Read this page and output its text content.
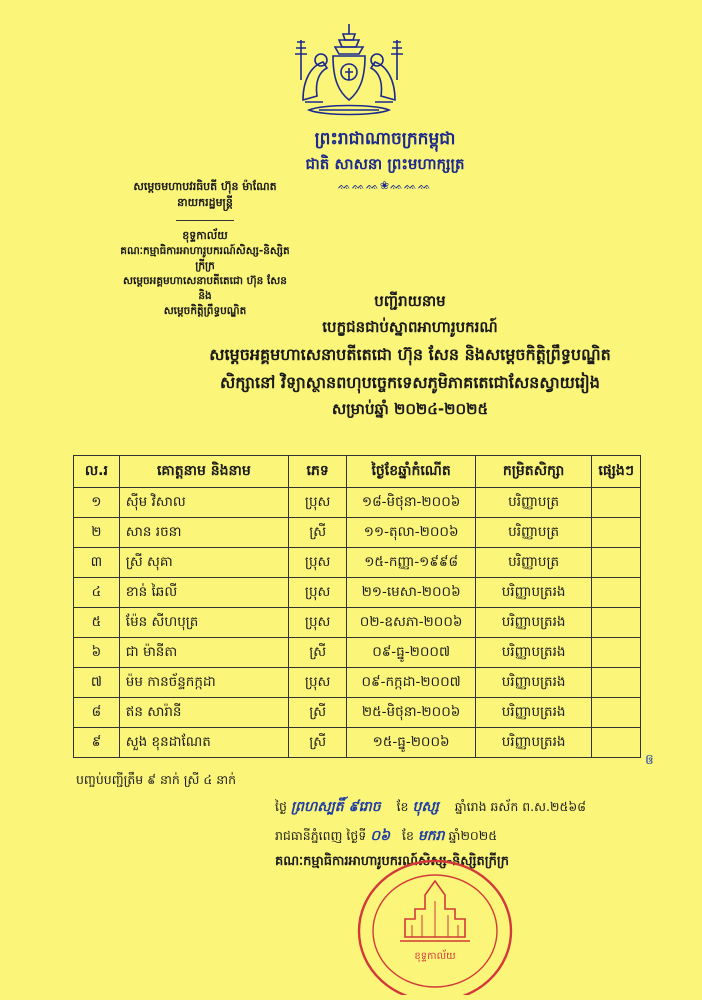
ព្រះរាជាណាចក្រកម្ពុជា
ជាតិ សាសនា ព្រះមហាក្សត្រ
ᨐᨐᨐ❀ᨐᨐᨐ
សម្តេចមហាបវរធិបតី ហ៊ុន ម៉ាណែត
នាយករដ្ឋមន្ត្រី
ខុទ្ទកាល័យ
គណៈកម្មាធិការអាហារូបករណ៍សិស្ស-និស្សិតក្រីក្រ
សម្តេចអគ្គមហាសេនាបតីតេជោ ហ៊ុន សែន និង
សម្តេចកិត្តិព្រឹទ្ធបណ្ឌិត
បញ្ជីរាយនាម
បេក្ខជនជាប់ស្នាពអាហារូបករណ៍
សម្តេចអគ្គមហាសេនាបតីតេជោ ហ៊ុន សែន និងសម្តេចកិត្តិព្រឹទ្ធបណ្ឌិត
សិក្សានៅ វិទ្យាស្ថានពហុបច្ចេកទេសភូមិភាគតេជោសែនស្វាយរៀង
សម្រាប់ឆ្នាំ ២០២៤-២០២៥
ល.រ	គោត្តនាម និងនាម	ភេទ	ថ្ងៃខែឆ្នាំកំណើត	កម្រិតសិក្សា	ផ្សេងៗ
១	ស៊ីម វិសាល	ប្រុស	១៨-មិថុនា-២០០៦	បរិញ្ញាបត្រ	
២	សាន រចនា	ស្រី	១១-តុលា-២០០៦	បរិញ្ញាបត្រ	
៣	ស្រី សុគា	ប្រុស	១៥-កញ្ញា-១៩៩៨	បរិញ្ញាបត្រ	
៤	ខាន់ ឆៃលី	ប្រុស	២១-មេសា-២០០៦	បរិញ្ញាបត្ររង	
៥	ម៉ែន សីហបុត្រ	ប្រុស	០២-ឧសភា-២០០៦	បរិញ្ញាបត្ររង	
៦	ជា ម៉ានីតា	ស្រី	០៩-ធ្នូ-២០០៧	បរិញ្ញាបត្ររង	
៧	ម៉ម កានច័ន្ទកក្កដា	ប្រុស	០៩-កក្កដា-២០០៧	បរិញ្ញាបត្ររង	
៨	ឥន សារ៉ានី	ស្រី	២៥-មិថុនា-២០០៦	បរិញ្ញាបត្ររង	
៩	សួង ខុនដាណែត	ស្រី	១៥-ធ្នូ-២០០៦	បរិញ្ញាបត្ររង	
ឲ
បញ្ចប់បញ្ជីត្រឹម ៩ នាក់ ស្រី ៤ នាក់
ថ្ងៃ ព្រហស្បតិ៍ ៩រោច ខែ បុស្ស ឆ្នាំរោង ឆស័ក ព.ស.២៥៦៨
រាជធានីភ្នំពេញ ថ្ងៃទី ០៦ ខែ មករា ឆ្នាំ២០២៥
គណៈកម្មាធិការអាហារូបករណ៍សិស្ស-និស្សិតក្រីក្រ
ខុទ្ទកាល័យ
